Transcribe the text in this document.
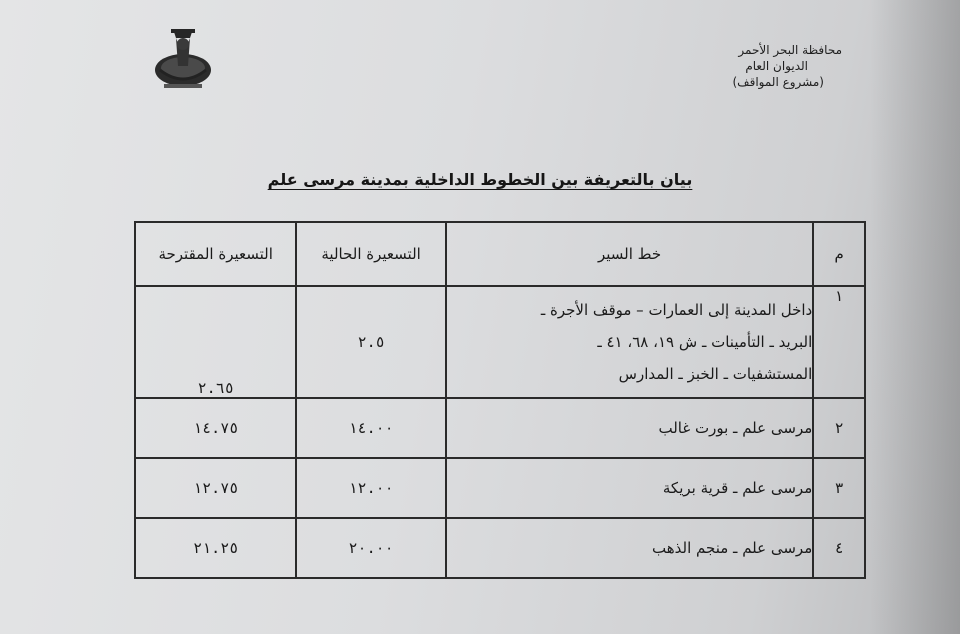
محافظة البحر الأحمر
الديوان العام
(مشروع المواقف)
بيان بالتعريفة بين الخطوط الداخلية بمدينة مرسى علم
م	خط السير	التسعيرة الحالية	التسعيرة المقترحة
١	داخل المدينة إلى العمارات – موقف الأجرة ـ
البريد ـ التأمينات ـ ش ١٩، ٦٨، ٤١ ـ
المستشفيات ـ الخبز ـ المدارس	٢.٥	٢.٦٥
٢	مرسى علم ـ بورت غالب	١٤.٠٠	١٤.٧٥
٣	مرسى علم ـ قرية بريكة	١٢.٠٠	١٢.٧٥
٤	مرسى علم ـ منجم الذهب	٢٠.٠٠	٢١.٢٥
